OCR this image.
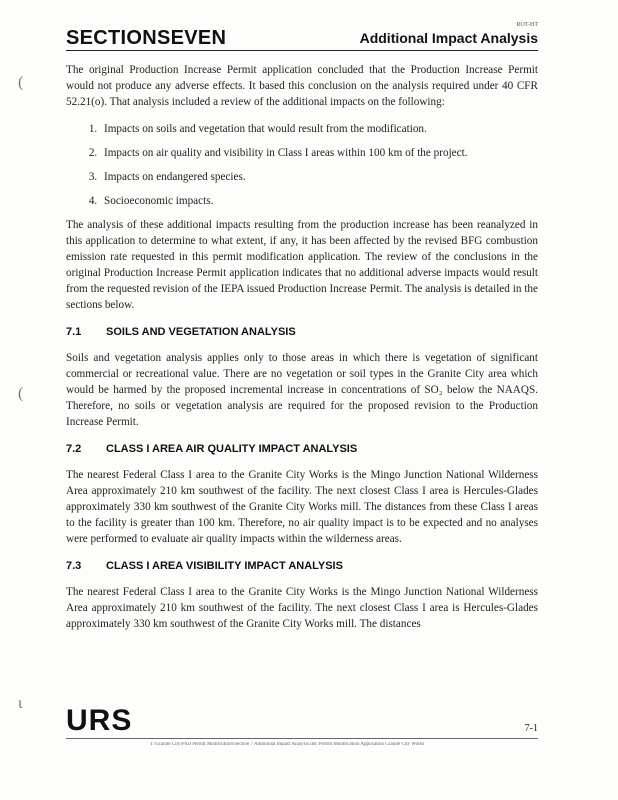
ROT-HT
SECTIONSEVEN	Additional Impact Analysis
(
(
ɩ

The original Production Increase Permit application concluded that the Production Increase Permit would not produce any adverse effects. It based this conclusion on the analysis required under 40 CFR 52.21(o). That analysis included a review of the additional impacts on the following:

1. Impacts on soils and vegetation that would result from the modification.
2. Impacts on air quality and visibility in Class I areas within 100 km of the project.
3. Impacts on endangered species.
4. Socioeconomic impacts.

The analysis of these additional impacts resulting from the production increase has been reanalyzed in this application to determine to what extent, if any, it has been affected by the revised BFG combustion emission rate requested in this permit modification application. The review of the conclusions in the original Production Increase Permit application indicates that no additional adverse impacts would result from the requested revision of the IEPA issued Production Increase Permit. The analysis is detailed in the sections below.

7.1	SOILS AND VEGETATION ANALYSIS

Soils and vegetation analysis applies only to those areas in which there is vegetation of significant commercial or recreational value. There are no vegetation or soil types in the Granite City area which would be harmed by the proposed incremental increase in concentrations of SO₂ below the NAAQS. Therefore, no soils or vegetation analysis are required for the proposed revision to the Production Increase Permit.

7.2	CLASS I AREA AIR QUALITY IMPACT ANALYSIS

The nearest Federal Class I area to the Granite City Works is the Mingo Junction National Wilderness Area approximately 210 km southwest of the facility. The next closest Class I area is Hercules-Glades approximately 330 km southwest of the Granite City Works mill. The distances from these Class I areas to the facility is greater than 100 km. Therefore, no air quality impact is to be expected and no analyses were performed to evaluate air quality impacts within the wilderness areas.

7.3	CLASS I AREA VISIBILITY IMPACT ANALYSIS

The nearest Federal Class I area to the Granite City Works is the Mingo Junction National Wilderness Area approximately 210 km southwest of the facility. The next closest Class I area is Hercules-Glades approximately 330 km southwest of the Granite City Works mill. The distances

URS	7-1
T:\Granite City\PSD Permit Modification\Section 7 Additional Impact Analysis.doc Permit Modification Application Granite City Works
